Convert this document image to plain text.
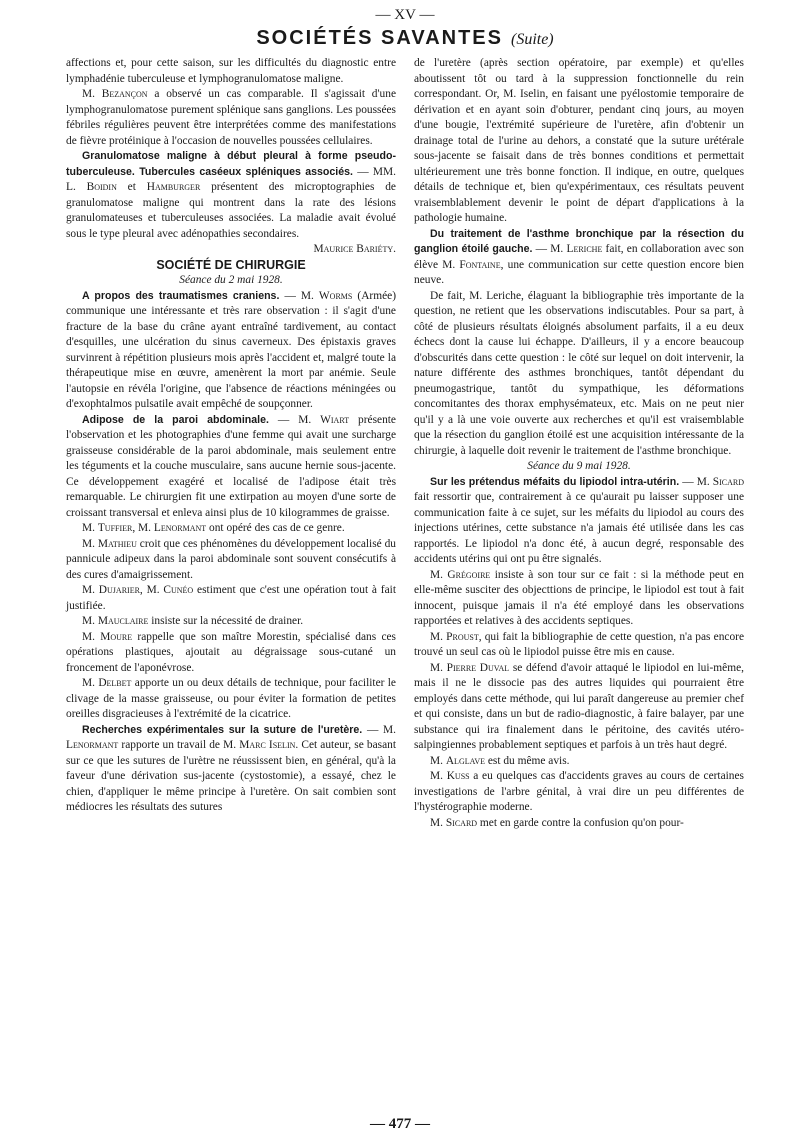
— XV —

SOCIÉTÉS SAVANTES (Suite)

affections et, pour cette saison, sur les difficultés du diagnostic entre lymphadénie tuberculeuse et lymphogranulomatose maligne.

M. Bezançon a observé un cas comparable. Il s'agissait d'une lymphogranulomatose purement splénique sans ganglions. Les poussées fébriles régulières peuvent être interprétées comme des manifestations de fièvre protéinique à l'occasion de nouvelles poussées cellulaires.

Granulomatose maligne à début pleural à forme pseudo-tuberculeuse. Tubercules caséeux spléniques associés. — MM. L. Boidin et Hamburger présentent des microptographies de granulomatose maligne qui montrent dans la rate des lésions granulomateuses et tuberculeuses associées. La maladie avait évolué sous le type pleural avec adénopathies secondaires.

Maurice Bariéty.

SOCIÉTÉ DE CHIRURGIE

Séance du 2 mai 1928.

A propos des traumatismes craniens. — M. Worms (Armée) communique une intéressante et très rare observation : il s'agit d'une fracture de la base du crâne ayant entraîné tardivement, au contact d'esquilles, une ulcération du sinus caverneux. Des épistaxis graves survinrent à répétition plusieurs mois après l'accident et, malgré toute la thérapeutique mise en œuvre, amenèrent la mort par anémie. Seule l'autopsie en révéla l'origine, que l'absence de réactions méningées ou d'exophtalmos pulsatile avait empêché de soupçonner.

Adipose de la paroi abdominale. — M. Wiart présente l'observation et les photographies d'une femme qui avait une surcharge graisseuse considérable de la paroi abdominale, mais seulement entre les téguments et la couche musculaire, sans aucune hernie sous-jacente. Ce développement exagéré et localisé de l'adipose était très remarquable. Le chirurgien fit une extirpation au moyen d'une sorte de croissant transversal et enleva ainsi plus de 10 kilogrammes de graisse.

M. Tuffier, M. Lenormant ont opéré des cas de ce genre.

M. Mathieu croit que ces phénomènes du développement localisé du pannicule adipeux dans la paroi abdominale sont souvent consécutifs à des cures d'amaigrissement.

M. Dujarier, M. Cunéo estiment que c'est une opération tout à fait justifiée.

M. Mauclaire insiste sur la nécessité de drainer.

M. Moure rappelle que son maître Morestin, spécialisé dans ces opérations plastiques, ajoutait au dégraissage sous-cutané un froncement de l'aponévrose.

M. Delbet apporte un ou deux détails de technique, pour faciliter le clivage de la masse graisseuse, ou pour éviter la formation de petites oreilles disgracieuses à l'extrémité de la cicatrice.

Recherches expérimentales sur la suture de l'uretère. — M. Lenormant rapporte un travail de M. Marc Iselin. Cet auteur, se basant sur ce que les sutures de l'urètre ne réussissent bien, en général, qu'à la faveur d'une dérivation sus-jacente (cystostomie), a essayé, chez le chien, d'appliquer le même principe à l'uretère. On sait combien sont médiocres les résultats des sutures

de l'uretère (après section opératoire, par exemple) et qu'elles aboutissent tôt ou tard à la suppression fonctionnelle du rein correspondant. Or, M. Iselin, en faisant une pyélostomie temporaire de dérivation et en ayant soin d'obturer, pendant cinq jours, au moyen d'une bougie, l'extrémité supérieure de l'uretère, afin d'obtenir un drainage total de l'urine au dehors, a constaté que la suture urétérale sous-jacente se faisait dans de très bonnes conditions et permettait ultérieurement une très bonne fonction. Il indique, en outre, quelques détails de technique et, bien qu'expérimentaux, ces résultats peuvent vraisemblablement devenir le point de départ d'applications à la pathologie humaine.

Du traitement de l'asthme bronchique par la résection du ganglion étoilé gauche. — M. Leriche fait, en collaboration avec son élève M. Fontaine, une communication sur cette question encore bien neuve.

De fait, M. Leriche, élaguant la bibliographie très importante de la question, ne retient que les observations indiscutables. Pour sa part, à côté de plusieurs résultats éloignés absolument parfaits, il a eu deux échecs dont la cause lui échappe. D'ailleurs, il y a encore beaucoup d'obscurités dans cette question : le côté sur lequel on doit intervenir, la nature différente des asthmes bronchiques, tantôt dépendant du pneumogastrique, tantôt du sympathique, les déformations concomitantes des thorax emphysémateux, etc. Mais on ne peut nier qu'il y a là une voie ouverte aux recherches et qu'il est vraisemblable que la résection du ganglion étoilé est une acquisition intéressante de la chirurgie, à laquelle doit revenir le traitement de l'asthme bronchique.

Séance du 9 mai 1928.

Sur les prétendus méfaits du lipiodol intra-utérin. — M. Sicard fait ressortir que, contrairement à ce qu'aurait pu laisser supposer une communication faite à ce sujet, sur les méfaits du lipiodol au cours des injections utérines, cette substance n'a jamais été utilisée dans les cas rapportés. Le lipiodol n'a donc été, à aucun degré, responsable des accidents utérins qui ont pu être signalés.

M. Grégoire insiste à son tour sur ce fait : si la méthode peut en elle-même susciter des objecttions de principe, le lipiodol est tout à fait innocent, puisque jamais il n'a été employé dans les observations rapportées et relatives à des accidents septiques.

M. Proust, qui fait la bibliographie de cette question, n'a pas encore trouvé un seul cas où le lipiodol puisse être mis en cause.

M. Pierre Duval se défend d'avoir attaqué le lipiodol en lui-même, mais il ne le dissocie pas des autres liquides qui pourraient être employés dans cette méthode, qui lui paraît dangereuse au premier chef et qui consiste, dans un but de radio-diagnostic, à faire balayer, par une substance qui ira finalement dans le péritoine, des cavités utéro-salpingiennes probablement septiques et parfois à un très haut degré.

M. Alglave est du même avis.

M. Kuss a eu quelques cas d'accidents graves au cours de certaines investigations de l'arbre génital, à vrai dire un peu différentes de l'hystérographie moderne.

M. Sicard met en garde contre la confusion qu'on pour-

— 477 —
